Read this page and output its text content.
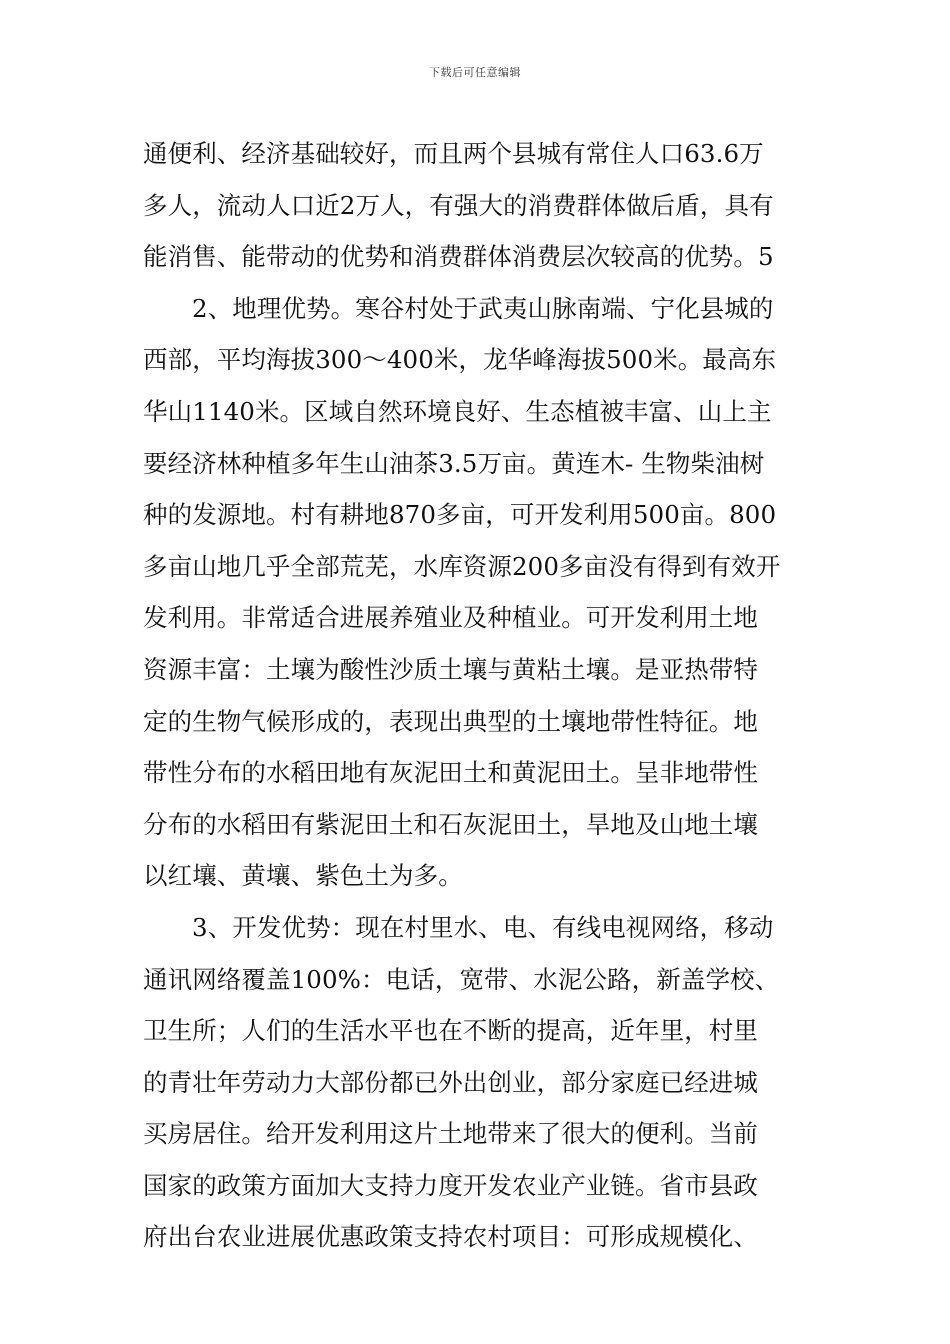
下载后可任意编辑
通便利、经济基础较好，而且两个县城有常住人口63.6万
多人，流动人口近2万人，有强大的消费群体做后盾，具有
能消售、能带动的优势和消费群体消费层次较高的优势。5
2、地理优势。寒谷村处于武夷山脉南端、宁化县城的
西部，平均海拔300～400米，龙华峰海拔500米。最高东
华山1140米。区域自然环境良好、生态植被丰富、山上主
要经济林种植多年生山油茶3.5万亩。黄连木- 生物柴油树
种的发源地。村有耕地870多亩，可开发利用500亩。800
多亩山地几乎全部荒芜，水库资源200多亩没有得到有效开
发利用。非常适合进展养殖业及种植业。可开发利用土地
资源丰富：土壤为酸性沙质土壤与黄粘土壤。是亚热带特
定的生物气候形成的，表现出典型的土壤地带性特征。地
带性分布的水稻田地有灰泥田土和黄泥田土。呈非地带性
分布的水稻田有紫泥田土和石灰泥田土，旱地及山地土壤
以红壤、黄壤、紫色土为多。
3、开发优势：现在村里水、电、有线电视网络，移动
通讯网络覆盖100%：电话，宽带、水泥公路，新盖学校、
卫生所；人们的生活水平也在不断的提高，近年里，村里
的青壮年劳动力大部份都已外出创业，部分家庭已经进城
买房居住。给开发利用这片土地带来了很大的便利。当前
国家的政策方面加大支持力度开发农业产业链。省市县政
府出台农业进展优惠政策支持农村项目：可形成规模化、
